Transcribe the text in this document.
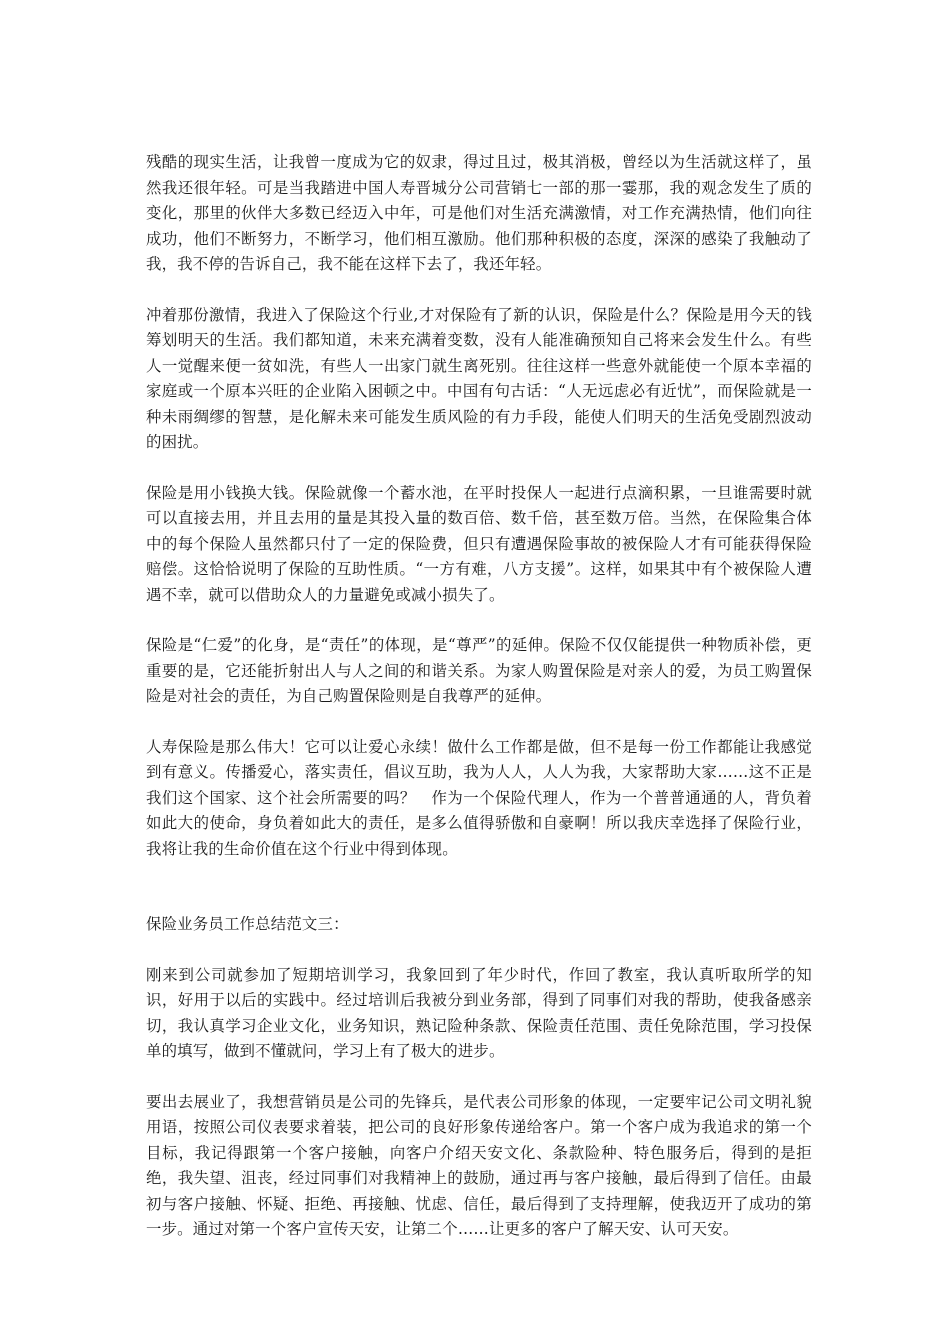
残酷的现实生活，让我曾一度成为它的奴隶，得过且过，极其消极，曾经以为生活就这样了，虽然我还很年轻。可是当我踏进中国人寿晋城分公司营销七一部的那一霎那，我的观念发生了质的变化，那里的伙伴大多数已经迈入中年，可是他们对生活充满激情，对工作充满热情，他们向往成功，他们不断努力，不断学习，他们相互激励。他们那种积极的态度，深深的感染了我触动了我，我不停的告诉自己，我不能在这样下去了，我还年轻。

冲着那份激情，我进入了保险这个行业,才对保险有了新的认识，保险是什么？保险是用今天的钱筹划明天的生活。我们都知道，未来充满着变数，没有人能准确预知自己将来会发生什么。有些人一觉醒来便一贫如洗，有些人一出家门就生离死别。往往这样一些意外就能使一个原本幸福的家庭或一个原本兴旺的企业陷入困顿之中。中国有句古话：“人无远虑必有近忧”，而保险就是一种未雨绸缪的智慧，是化解未来可能发生质风险的有力手段，能使人们明天的生活免受剧烈波动的困扰。

保险是用小钱换大钱。保险就像一个蓄水池，在平时投保人一起进行点滴积累，一旦谁需要时就可以直接去用，并且去用的量是其投入量的数百倍、数千倍，甚至数万倍。当然，在保险集合体中的每个保险人虽然都只付了一定的保险费，但只有遭遇保险事故的被保险人才有可能获得保险赔偿。这恰恰说明了保险的互助性质。“一方有难，八方支援”。这样，如果其中有个被保险人遭遇不幸，就可以借助众人的力量避免或减小损失了。

保险是“仁爱”的化身，是“责任”的体现，是“尊严”的延伸。保险不仅仅能提供一种物质补偿，更重要的是，它还能折射出人与人之间的和谐关系。为家人购置保险是对亲人的爱，为员工购置保险是对社会的责任，为自己购置保险则是自我尊严的延伸。

人寿保险是那么伟大！它可以让爱心永续！做什么工作都是做，但不是每一份工作都能让我感觉到有意义。传播爱心，落实责任，倡议互助，我为人人，人人为我，大家帮助大家……这不正是我们这个国家、这个社会所需要的吗？　作为一个保险代理人，作为一个普普通通的人，背负着如此大的使命，身负着如此大的责任，是多么值得骄傲和自豪啊！所以我庆幸选择了保险行业，我将让我的生命价值在这个行业中得到体现。

保险业务员工作总结范文三：

刚来到公司就参加了短期培训学习，我象回到了年少时代，作回了教室，我认真听取所学的知识，好用于以后的实践中。经过培训后我被分到业务部，得到了同事们对我的帮助，使我备感亲切，我认真学习企业文化，业务知识，熟记险种条款、保险责任范围、责任免除范围，学习投保单的填写，做到不懂就问，学习上有了极大的进步。

要出去展业了，我想营销员是公司的先锋兵，是代表公司形象的体现，一定要牢记公司文明礼貌用语，按照公司仪表要求着装，把公司的良好形象传递给客户。第一个客户成为我追求的第一个目标，我记得跟第一个客户接触，向客户介绍天安文化、条款险种、特色服务后，得到的是拒绝，我失望、沮丧，经过同事们对我精神上的鼓励，通过再与客户接触，最后得到了信任。由最初与客户接触、怀疑、拒绝、再接触、忧虑、信任，最后得到了支持理解，使我迈开了成功的第一步。通过对第一个客户宣传天安，让第二个……让更多的客户了解天安、认可天安。
